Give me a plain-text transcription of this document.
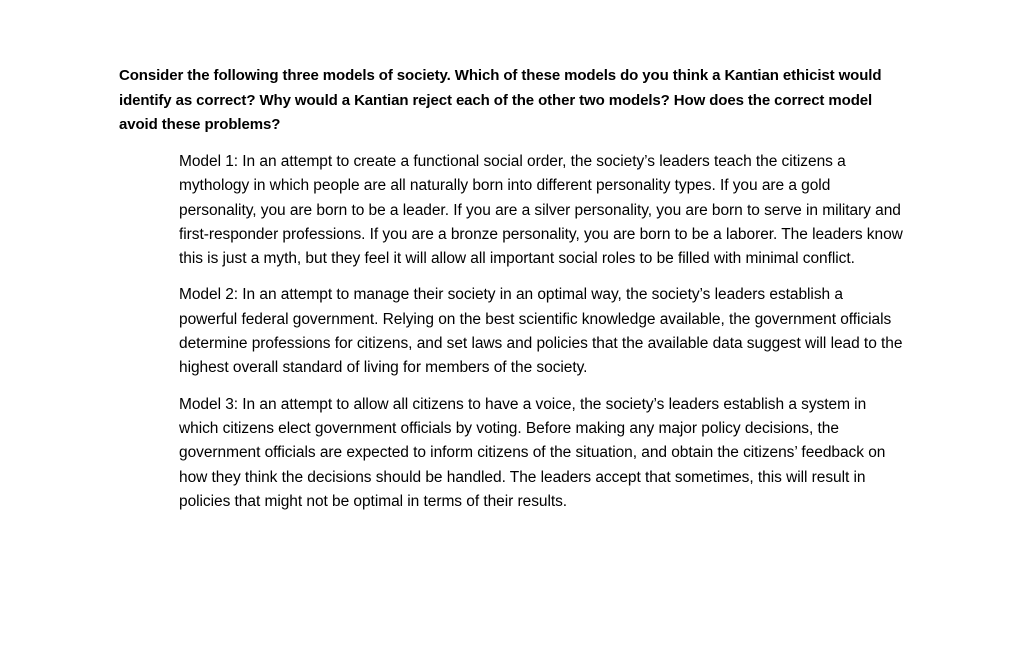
Consider the following three models of society. Which of these models do you think a Kantian ethicist would identify as correct? Why would a Kantian reject each of the other two models? How does the correct model avoid these problems?

Model 1: In an attempt to create a functional social order, the society’s leaders teach the citizens a mythology in which people are all naturally born into different personality types. If you are a gold personality, you are born to be a leader. If you are a silver personality, you are born to serve in military and first-responder professions. If you are a bronze personality, you are born to be a laborer. The leaders know this is just a myth, but they feel it will allow all important social roles to be filled with minimal conflict.

Model 2: In an attempt to manage their society in an optimal way, the society’s leaders establish a powerful federal government. Relying on the best scientific knowledge available, the government officials determine professions for citizens, and set laws and policies that the available data suggest will lead to the highest overall standard of living for members of the society.

Model 3: In an attempt to allow all citizens to have a voice, the society’s leaders establish a system in which citizens elect government officials by voting. Before making any major policy decisions, the government officials are expected to inform citizens of the situation, and obtain the citizens’ feedback on how they think the decisions should be handled. The leaders accept that sometimes, this will result in policies that might not be optimal in terms of their results.
